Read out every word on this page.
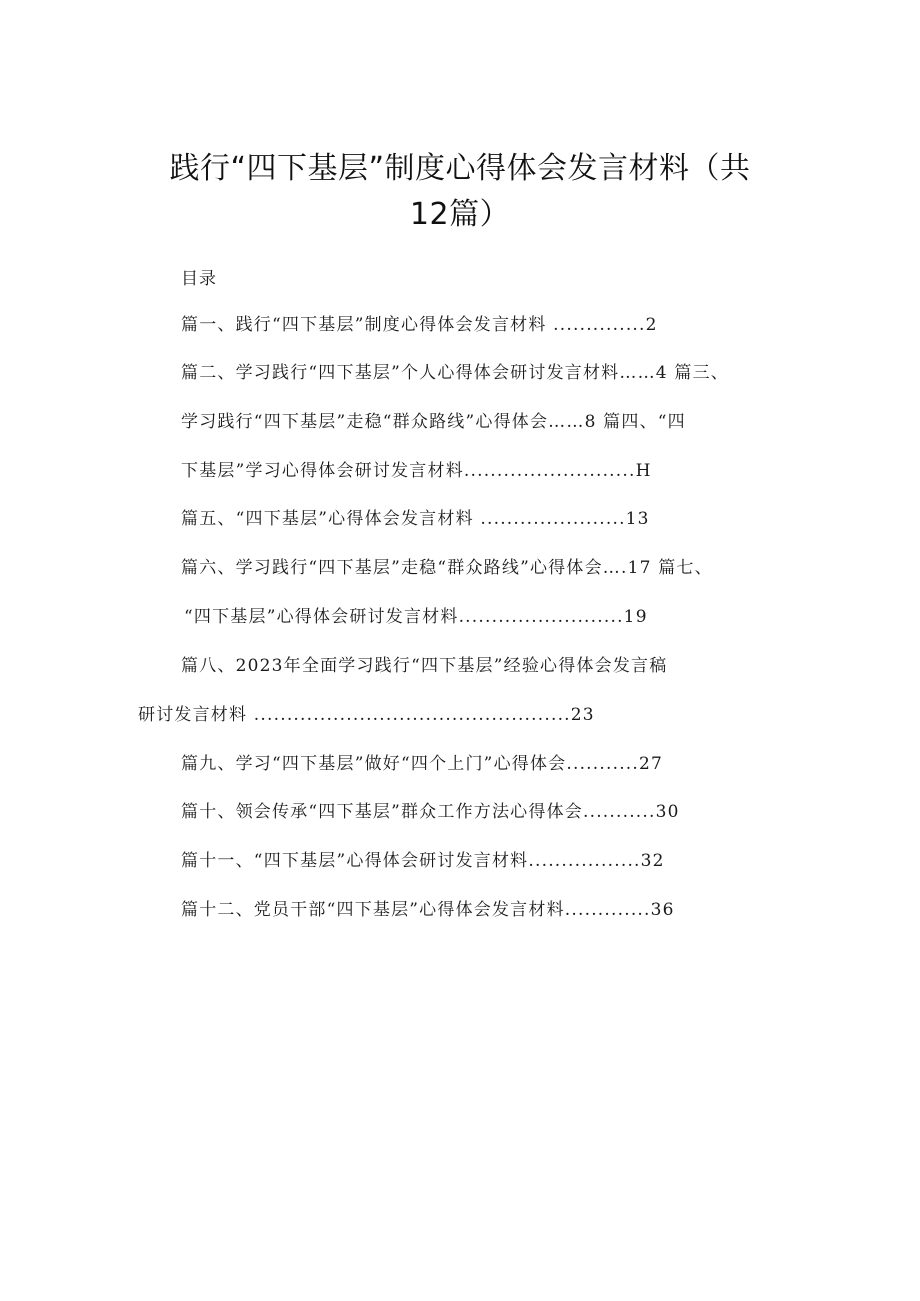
践行“四下基层”制度心得体会发言材料（共
12篇）
目录
篇一、践行“四下基层”制度心得体会发言材料 ..............2
篇二、学习践行“四下基层”个人心得体会研讨发言材料……4 篇三、
学习践行“四下基层”走稳“群众路线”心得体会……8 篇四、“四
下基层”学习心得体会研讨发言材料..........................H
篇五、“四下基层”心得体会发言材料 ......................13
篇六、学习践行“四下基层”走稳“群众路线”心得体会….17 篇七、
“四下基层”心得体会研讨发言材料.........................19
篇八、2023年全面学习践行“四下基层”经验心得体会发言稿
研讨发言材料 ................................................23
篇九、学习“四下基层”做好“四个上门”心得体会...........27
篇十、领会传承“四下基层”群众工作方法心得体会...........30
篇十一、“四下基层”心得体会研讨发言材料.................32
篇十二、党员干部“四下基层”心得体会发言材料.............36
